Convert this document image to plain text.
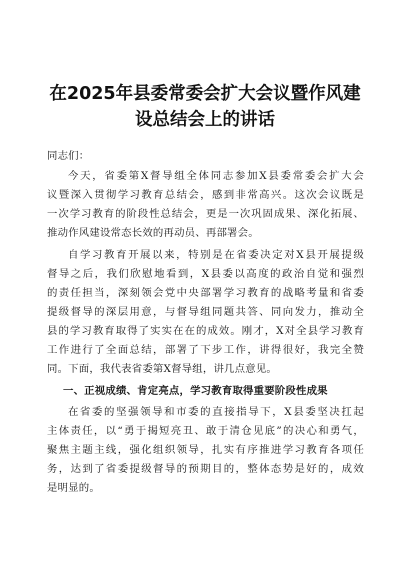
在2025年县委常委会扩大会议暨作风建
设总结会上的讲话
同志们：
今天，省委第X督导组全体同志参加X县委常委会扩大会
议暨深入贯彻学习教育总结会，感到非常高兴。这次会议既是
一次学习教育的阶段性总结会，更是一次巩固成果、深化拓展、
推动作风建设常态长效的再动员、再部署会。
自学习教育开展以来，特别是在省委决定对X县开展提级
督导之后，我们欣慰地看到，X县委以高度的政治自觉和强烈
的责任担当，深刻领会党中央部署学习教育的战略考量和省委
提级督导的深层用意，与督导组同题共答、同向发力，推动全
县的学习教育取得了实实在在的成效。刚才，X对全县学习教育
工作进行了全面总结，部署了下步工作，讲得很好，我完全赞
同。下面，我代表省委第X督导组，讲几点意见。
一、正视成绩、肯定亮点，学习教育取得重要阶段性成果
在省委的坚强领导和市委的直接指导下，X县委坚决扛起
主体责任，以“勇于揭短亮丑、敢于清仓见底”的决心和勇气，
聚焦主题主线，强化组织领导，扎实有序推进学习教育各项任
务，达到了省委提级督导的预期目的，整体态势是好的，成效
是明显的。
